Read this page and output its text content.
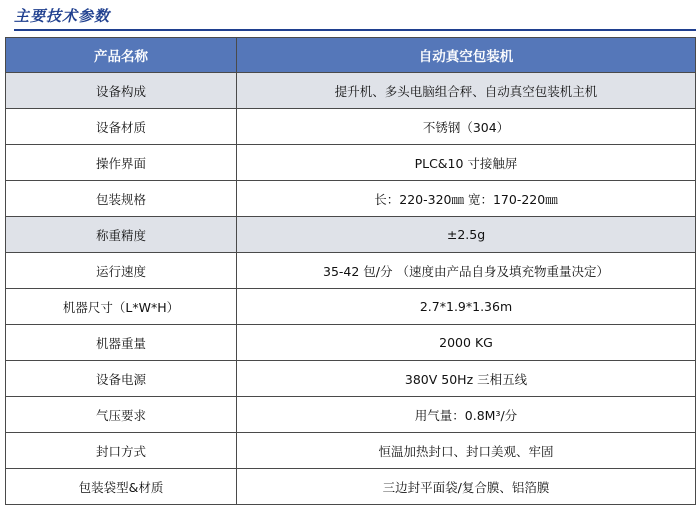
主要技术参数
产品名称	自动真空包装机
设备构成	提升机、多头电脑组合秤、自动真空包装机主机
设备材质	不锈钢（304）
操作界面	PLC&10 寸接触屏
包装规格	长：220-320㎜ 宽：170-220㎜
称重精度	±2.5g
运行速度	35-42 包/分 （速度由产品自身及填充物重量决定）
机器尺寸（L*W*H）	2.7*1.9*1.36m
机器重量	2000 KG
设备电源	380V 50Hz 三相五线
气压要求	用气量：0.8M³/分
封口方式	恒温加热封口、封口美观、牢固
包装袋型&材质	三边封平面袋/复合膜、铝箔膜
